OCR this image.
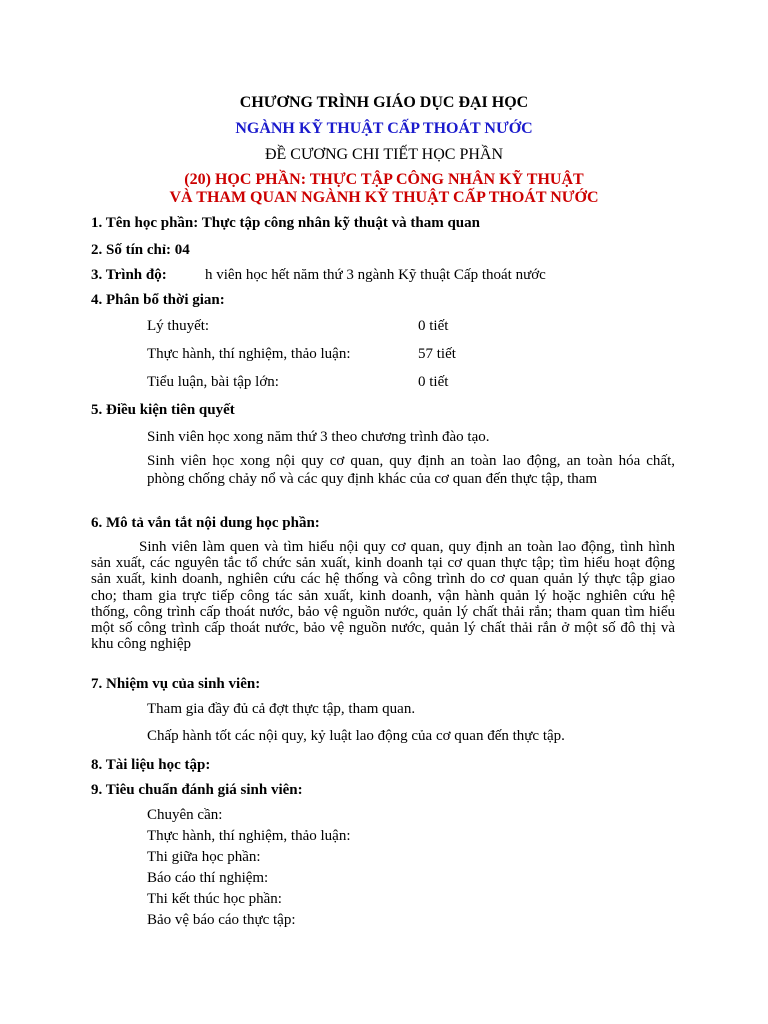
CHƯƠNG TRÌNH GIÁO DỤC ĐẠI HỌC
NGÀNH KỸ THUẬT CẤP THOÁT NƯỚC
ĐỀ CƯƠNG CHI TIẾT HỌC PHẦN
(20) HỌC PHẦN: THỰC TẬP CÔNG NHÂN KỸ THUẬT
VÀ THAM QUAN NGÀNH KỸ THUẬT CẤP THOÁT NƯỚC
1. Tên học phần: Thực tập công nhân kỹ thuật và tham quan
2. Số tín chỉ: 04
3. Trình độ:	h viên học hết năm thứ 3 ngành Kỹ thuật Cấp thoát nước
4. Phân bổ thời gian:
Lý thuyết:	0 tiết
Thực hành, thí nghiệm, thảo luận:	57 tiết
Tiểu luận, bài tập lớn:	0 tiết
5. Điều kiện tiên quyết
Sinh viên học xong năm thứ 3 theo chương trình đào tạo.
Sinh viên học xong nội quy cơ quan, quy định an toàn lao động, an toàn hóa chất, phòng chống chảy nổ và các quy định khác của cơ quan đến thực tập, tham
6. Mô tả vắn tắt nội dung học phần:
Sinh viên làm quen và tìm hiểu nội quy cơ quan, quy định an toàn lao động, tình hình sản xuất, các nguyên tắc tổ chức sản xuất, kinh doanh tại cơ quan thực tập; tìm hiểu hoạt động sản xuất, kinh doanh, nghiên cứu các hệ thống và công trình do cơ quan quản lý thực tập giao cho; tham gia trực tiếp công tác sản xuất, kinh doanh, vận hành quản lý hoặc nghiên cứu hệ thống, công trình cấp thoát nước, bảo vệ nguồn nước, quản lý chất thải rắn; tham quan tìm hiểu một số công trình cấp thoát nước, bảo vệ nguồn nước, quản lý chất thải rắn ở một số đô thị và khu công nghiệp
7. Nhiệm vụ của sinh viên:
Tham gia đầy đủ cả đợt thực tập, tham quan.
Chấp hành tốt các nội quy, kỷ luật lao động của cơ quan đến thực tập.
8. Tài liệu học tập:
9. Tiêu chuẩn đánh giá sinh viên:
Chuyên cần:
Thực hành, thí nghiệm, thảo luận:
Thi giữa học phần:
Báo cáo thí nghiệm:
Thi kết thúc học phần:
Bảo vệ báo cáo thực tập:
